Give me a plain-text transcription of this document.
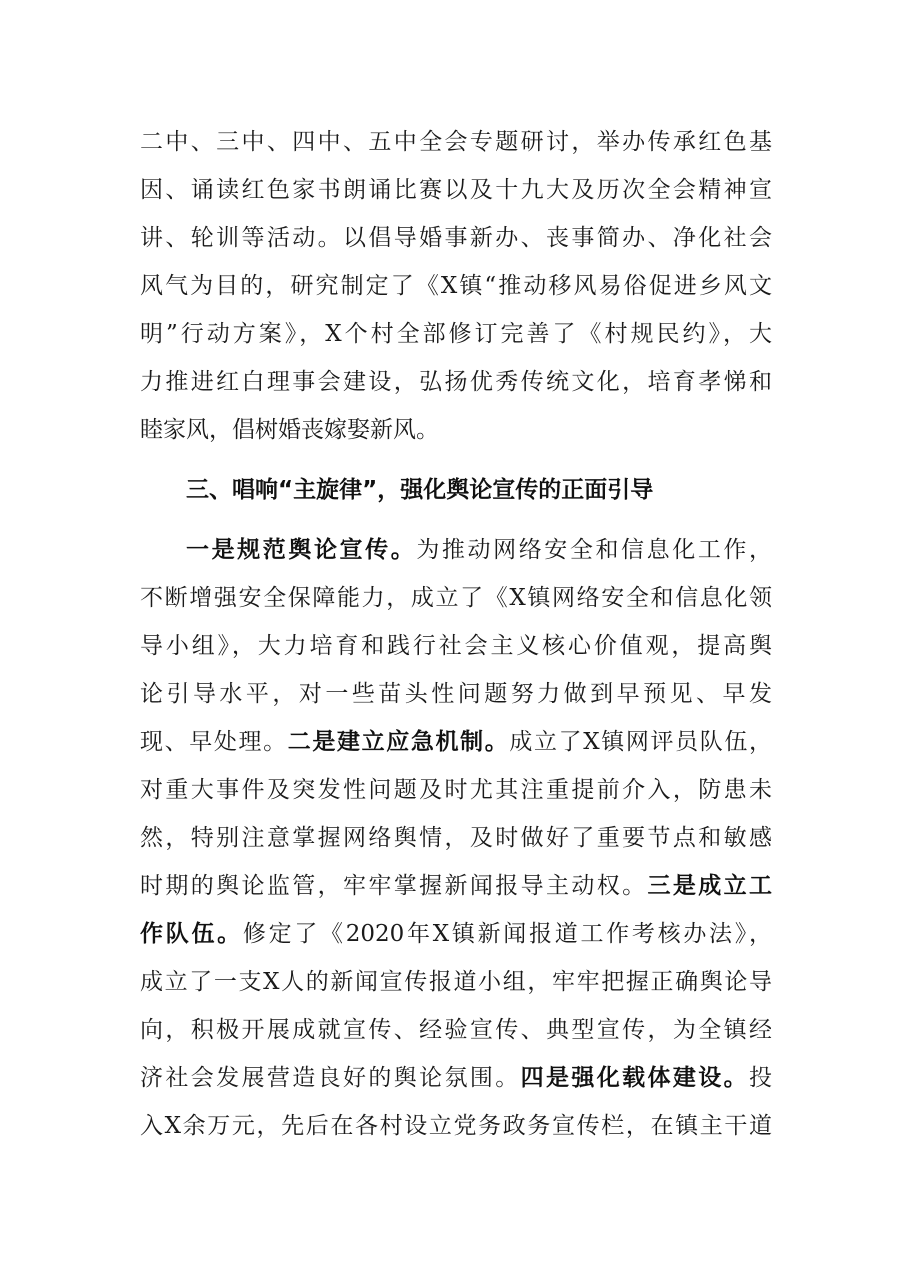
二中、三中、四中、五中全会专题研讨，举办传承红色基
因、诵读红色家书朗诵比赛以及十九大及历次全会精神宣
讲、轮训等活动。以倡导婚事新办、丧事简办、净化社会
风气为目的，研究制定了《X镇“推动移风易俗促进乡风文
明”行动方案》，X个村全部修订完善了《村规民约》，大
力推进红白理事会建设，弘扬优秀传统文化，培育孝悌和
睦家风，倡树婚丧嫁娶新风。
三、唱响“主旋律”，强化舆论宣传的正面引导
一是规范舆论宣传。为推动网络安全和信息化工作，
不断增强安全保障能力，成立了《X镇网络安全和信息化领
导小组》，大力培育和践行社会主义核心价值观，提高舆
论引导水平，对一些苗头性问题努力做到早预见、早发
现、早处理。二是建立应急机制。成立了X镇网评员队伍，
对重大事件及突发性问题及时尤其注重提前介入，防患未
然，特别注意掌握网络舆情，及时做好了重要节点和敏感
时期的舆论监管，牢牢掌握新闻报导主动权。三是成立工
作队伍。修定了《2020年X镇新闻报道工作考核办法》，
成立了一支X人的新闻宣传报道小组，牢牢把握正确舆论导
向，积极开展成就宣传、经验宣传、典型宣传，为全镇经
济社会发展营造良好的舆论氛围。四是强化载体建设。投
入X余万元，先后在各村设立党务政务宣传栏，在镇主干道
